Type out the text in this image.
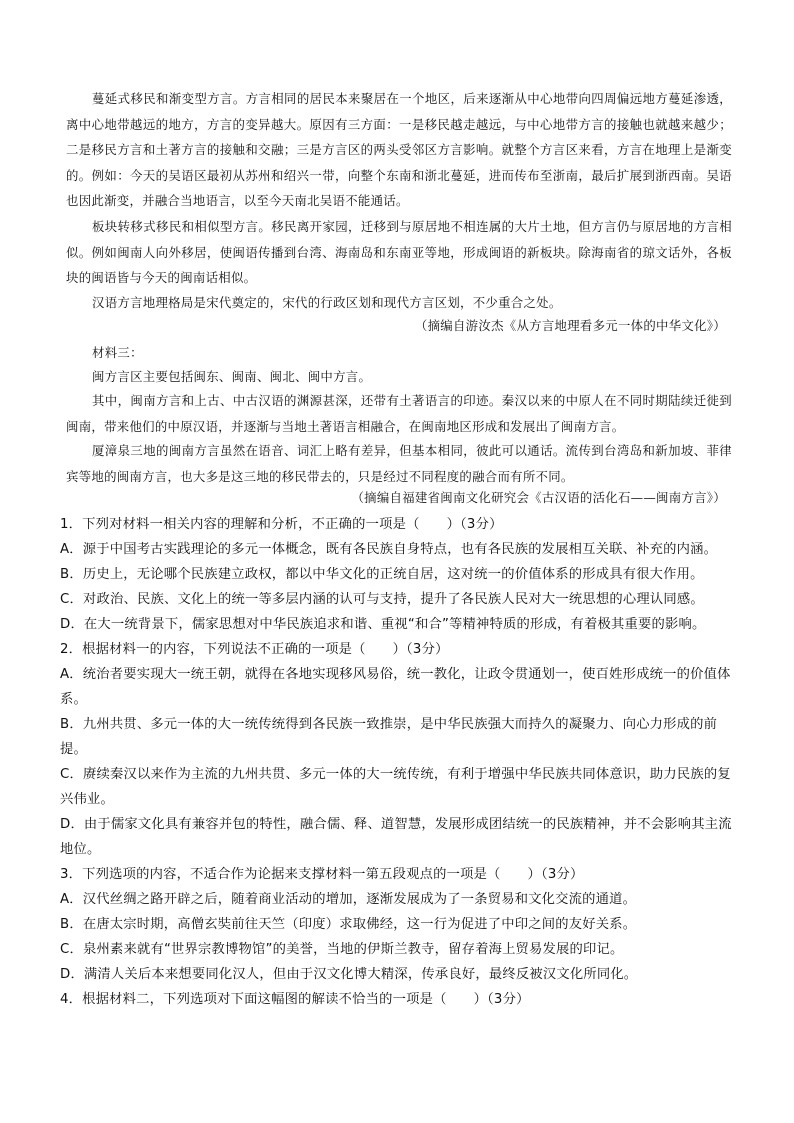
蔓延式移民和渐变型方言。方言相同的居民本来聚居在一个地区，后来逐渐从中心地带向四周偏远地方蔓延渗透，离中心地带越远的地方，方言的变异越大。原因有三方面：一是移民越走越远，与中心地带方言的接触也就越来越少；二是移民方言和土著方言的接触和交融；三是方言区的两头受邻区方言影响。就整个方言区来看，方言在地理上是渐变的。例如：今天的吴语区最初从苏州和绍兴一带，向整个东南和浙北蔓延，进而传布至浙南，最后扩展到浙西南。吴语也因此渐变，并融合当地语言，以至今天南北吴语不能通话。

板块转移式移民和相似型方言。移民离开家园，迁移到与原居地不相连属的大片土地，但方言仍与原居地的方言相似。例如闽南人向外移居，使闽语传播到台湾、海南岛和东南亚等地，形成闽语的新板块。除海南省的琼文话外，各板块的闽语皆与今天的闽南话相似。

汉语方言地理格局是宋代奠定的，宋代的行政区划和现代方言区划，不少重合之处。

（摘编自游汝杰《从方言地理看多元一体的中华文化》）

材料三：

闽方言区主要包括闽东、闽南、闽北、闽中方言。

其中，闽南方言和上古、中古汉语的渊源甚深，还带有土著语言的印迹。秦汉以来的中原人在不同时期陆续迁徙到闽南，带来他们的中原汉语，并逐渐与当地土著语言相融合，在闽南地区形成和发展出了闽南方言。

厦漳泉三地的闽南方言虽然在语音、词汇上略有差异，但基本相同，彼此可以通话。流传到台湾岛和新加坡、菲律宾等地的闽南方言，也大多是这三地的移民带去的，只是经过不同程度的融合而有所不同。

（摘编自福建省闽南文化研究会《古汉语的活化石——闽南方言》）

1．下列对材料一相关内容的理解和分析，不正确的一项是（　　）（3分）

A．源于中国考古实践理论的多元一体概念，既有各民族自身特点，也有各民族的发展相互关联、补充的内涵。

B．历史上，无论哪个民族建立政权，都以中华文化的正统自居，这对统一的价值体系的形成具有很大作用。

C．对政治、民族、文化上的统一等多层内涵的认可与支持，提升了各民族人民对大一统思想的心理认同感。

D．在大一统背景下，儒家思想对中华民族追求和谐、重视“和合”等精神特质的形成，有着极其重要的影响。

2．根据材料一的内容，下列说法不正确的一项是（　　）（3分）

A．统治者要实现大一统王朝，就得在各地实现移风易俗，统一教化，让政令贯通划一，使百姓形成统一的价值体系。

B．九州共贯、多元一体的大一统传统得到各民族一致推崇，是中华民族强大而持久的凝聚力、向心力形成的前提。

C．赓续秦汉以来作为主流的九州共贯、多元一体的大一统传统，有利于增强中华民族共同体意识，助力民族的复兴伟业。

D．由于儒家文化具有兼容并包的特性，融合儒、释、道智慧，发展形成团结统一的民族精神，并不会影响其主流地位。

3．下列选项的内容，不适合作为论据来支撑材料一第五段观点的一项是（　　）（3分）

A．汉代丝绸之路开辟之后，随着商业活动的增加，逐渐发展成为了一条贸易和文化交流的通道。

B．在唐太宗时期，高僧玄奘前往天竺（印度）求取佛经，这一行为促进了中印之间的友好关系。

C．泉州素来就有“世界宗教博物馆”的美誉，当地的伊斯兰教寺，留存着海上贸易发展的印记。

D．满清人关后本来想要同化汉人，但由于汉文化博大精深，传承良好，最终反被汉文化所同化。

4．根据材料二，下列选项对下面这幅图的解读不恰当的一项是（　　）（3分）
